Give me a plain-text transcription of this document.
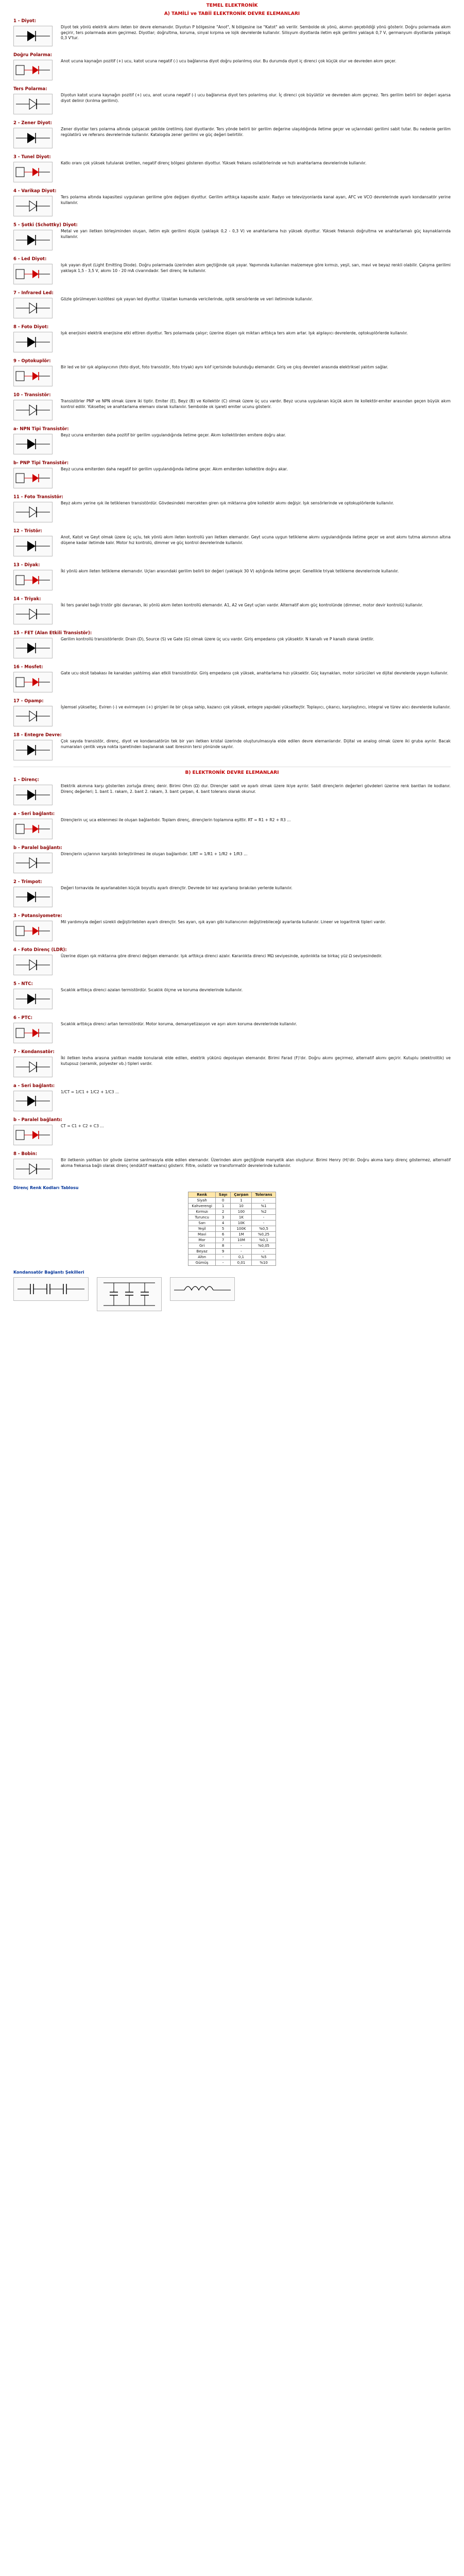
TEMEL ELEKTRONİK
A) TAMİLİ ve TABİİ ELEKTRONİK DEVRE ELEMANLARI
1 - Diyot:

Diyot tek yönlü elektrik akımı ileten bir devre elemanıdır. Diyotun P bölgesine "Anot", N bölgesine ise "Katot" adı verilir. Sembolde ok yönü, akımın geçebildiği yönü gösterir. Doğru polarmada akım geçirir, ters polarmada akım geçirmez. Diyotlar; doğrultma, koruma, sinyal kırpma ve lojik devrelerde kullanılır. Silisyum diyotlarda iletim eşik gerilimi yaklaşık 0,7 V, germanyum diyotlarda yaklaşık 0,3 V'tur.

Doğru Polarma:

Anot ucuna kaynağın pozitif (+) ucu, katot ucuna negatif (-) ucu bağlanırsa diyot doğru polarılmış olur. Bu durumda diyot iç direnci çok küçük olur ve devreden akım geçer.

Ters Polarma:

Diyotun katot ucuna kaynağın pozitif (+) ucu, anot ucuna negatif (-) ucu bağlanırsa diyot ters polarılmış olur. İç direnci çok büyüktür ve devreden akım geçmez. Ters gerilim belirli bir değeri aşarsa diyot delinir (kırılma gerilimi).

2 - Zener Diyot:

Zener diyotlar ters polarma altında çalışacak şekilde üretilmiş özel diyotlardır. Ters yönde belirli bir gerilim değerine ulaşıldığında iletime geçer ve uçlarındaki gerilimi sabit tutar. Bu nedenle gerilim regülatörü ve referans devrelerinde kullanılır. Katalogda zener gerilimi ve güç değeri belirtilir.

3 - Tunel Diyot:

Katkı oranı çok yüksek tutularak üretilen, negatif direnç bölgesi gösteren diyottur. Yüksek frekans osilatörlerinde ve hızlı anahtarlama devrelerinde kullanılır.

4 - Varikap Diyot:

Ters polarma altında kapasitesi uygulanan gerilime göre değişen diyottur. Gerilim arttıkça kapasite azalır. Radyo ve televizyonlarda kanal ayarı, AFC ve VCO devrelerinde ayarlı kondansatör yerine kullanılır.

5 - Şotki (Schottky) Diyot:

Metal ve yarı iletken birleşiminden oluşan, iletim eşik gerilimi düşük (yaklaşık 0,2 - 0,3 V) ve anahtarlama hızı yüksek diyottur. Yüksek frekanslı doğrultma ve anahtarlamalı güç kaynaklarında kullanılır.

6 - Led Diyot:

Işık yayan diyot (Light Emitting Diode). Doğru polarmada üzerinden akım geçtiğinde ışık yayar. Yapımında kullanılan malzemeye göre kırmızı, yeşil, sarı, mavi ve beyaz renkli olabilir. Çalışma gerilimi yaklaşık 1,5 - 3,5 V, akımı 10 - 20 mA civarındadır. Seri direnç ile kullanılır.

7 - Infrared Led:

Gözle görülmeyen kızılötesi ışık yayan led diyottur. Uzaktan kumanda vericilerinde, optik sensörlerde ve veri iletiminde kullanılır.

8 - Foto Diyot:

Işık enerjisini elektrik enerjisine etki ettiren diyottur. Ters polarmada çalışır; üzerine düşen ışık miktarı arttıkça ters akım artar. Işık algılayıcı devrelerde, optokuplörlerde kullanılır.

9 - Optokuplör:

Bir led ve bir ışık algılayıcının (foto diyot, foto transistör, foto triyak) aynı kılıf içerisinde bulunduğu elemandır. Giriş ve çıkış devreleri arasında elektriksel yalıtım sağlar.

10 - Transistör:

Transistörler PNP ve NPN olmak üzere iki tiptir. Emiter (E), Beyz (B) ve Kollektör (C) olmak üzere üç ucu vardır. Beyz ucuna uygulanan küçük akım ile kollektör-emiter arasından geçen büyük akım kontrol edilir. Yükselteç ve anahtarlama elemanı olarak kullanılır. Sembolde ok işareti emiter ucunu gösterir.

a- NPN Tipi Transistör:

Beyz ucuna emiterden daha pozitif bir gerilim uygulandığında iletime geçer. Akım kollektörden emitere doğru akar.

b- PNP Tipi Transistör:

Beyz ucuna emiterden daha negatif bir gerilim uygulandığında iletime geçer. Akım emiterden kollektöre doğru akar.

11 - Foto Transistör:

Beyz akımı yerine ışık ile tetiklenen transistördür. Gövdesindeki mercekten giren ışık miktarına göre kollektör akımı değişir. Işık sensörlerinde ve optokuplörlerde kullanılır.

12 - Tristör:

Anot, Katot ve Geyt olmak üzere üç uçlu, tek yönlü akım ileten kontrollü yarı iletken elemandır. Geyt ucuna uygun tetikleme akımı uygulandığında iletime geçer ve anot akımı tutma akımının altına düşene kadar iletimde kalır. Motor hız kontrolü, dimmer ve güç kontrol devrelerinde kullanılır.

13 - Diyak:

İki yönlü akım ileten tetikleme elemanıdır. Uçları arasındaki gerilim belirli bir değeri (yaklaşık 30 V) aştığında iletime geçer. Genellikle triyak tetikleme devrelerinde kullanılır.

14 - Triyak:

İki ters paralel bağlı tristör gibi davranan, iki yönlü akım ileten kontrollü elemandır. A1, A2 ve Geyt uçları vardır. Alternatif akım güç kontrolünde (dimmer, motor devir kontrolü) kullanılır.

15 - FET (Alan Etkili Transistör):

Gerilim kontrollü transistörlerdir. Drain (D), Source (S) ve Gate (G) olmak üzere üç ucu vardır. Giriş empedansı çok yüksektir. N kanallı ve P kanallı olarak üretilir.

16 - Mosfet:

Gate ucu oksit tabakası ile kanaldan yalıtılmış alan etkili transistördür. Giriş empedansı çok yüksek, anahtarlama hızı yüksektir. Güç kaynakları, motor sürücüleri ve dijital devrelerde yaygın kullanılır.

17 - Opamp:

İşlemsel yükselteç. Eviren (-) ve evirmeyen (+) girişleri ile bir çıkışa sahip, kazancı çok yüksek, entegre yapıdaki yükselteçtir. Toplayıcı, çıkarıcı, karşılaştırıcı, integral ve türev alıcı devrelerde kullanılır.

18 - Entegre Devre:

Çok sayıda transistör, direnç, diyot ve kondansatörün tek bir yarı iletken kristal üzerinde oluşturulmasıyla elde edilen devre elemanlarıdır. Dijital ve analog olmak üzere iki gruba ayrılır. Bacak numaraları çentik veya nokta işaretinden başlanarak saat ibresinin tersi yönünde sayılır.

B) ELEKTRONİK DEVRE ELEMANLARI
1 - Direnç:

Elektrik akımına karşı gösterilen zorluğa direnç denir. Birimi Ohm (Ω) dur. Dirençler sabit ve ayarlı olmak üzere ikiye ayrılır. Sabit dirençlerin değerleri gövdeleri üzerine renk bantları ile kodlanır. Direnç değerleri; 1. bant 1. rakam, 2. bant 2. rakam, 3. bant çarpan, 4. bant tolerans olarak okunur.

a - Seri bağlantı:

Dirençlerin uç uca eklenmesi ile oluşan bağlantıdır. Toplam direnç, dirençlerin toplamına eşittir. RT = R1 + R2 + R3 ...

b - Paralel bağlantı:

Dirençlerin uçlarının karşılıklı birleştirilmesi ile oluşan bağlantıdır. 1/RT = 1/R1 + 1/R2 + 1/R3 ...

2 - Trimpot:

Değeri tornavida ile ayarlanabilen küçük boyutlu ayarlı dirençtir. Devrede bir kez ayarlanıp bırakılan yerlerde kullanılır.

3 - Potansiyometre:

Mil yardımıyla değeri sürekli değiştirilebilen ayarlı dirençtir. Ses ayarı, ışık ayarı gibi kullanıcının değiştirebileceği ayarlarda kullanılır. Lineer ve logaritmik tipleri vardır.

4 - Foto Direnç (LDR):

Üzerine düşen ışık miktarına göre direnci değişen elemandır. Işık arttıkça direnci azalır. Karanlıkta direnci MΩ seviyesinde, aydınlıkta ise birkaç yüz Ω seviyesindedir.

5 - NTC:

Sıcaklık arttıkça direnci azalan termistördür. Sıcaklık ölçme ve koruma devrelerinde kullanılır.

6 - PTC:

Sıcaklık arttıkça direnci artan termistördür. Motor koruma, demanyetizasyon ve aşırı akım koruma devrelerinde kullanılır.

7 - Kondansatör:

İki iletken levha arasına yalıtkan madde konularak elde edilen, elektrik yükünü depolayan elemandır. Birimi Farad (F)'dır. Doğru akımı geçirmez, alternatif akımı geçirir. Kutuplu (elektrolitik) ve kutupsuz (seramik, polyester vb.) tipleri vardır.

a - Seri bağlantı:

1/CT = 1/C1 + 1/C2 + 1/C3 ...

b - Paralel bağlantı:

CT = C1 + C2 + C3 ...

8 - Bobin:

Bir iletkenin yalıtkan bir gövde üzerine sarılmasıyla elde edilen elemandır. Üzerinden akım geçtiğinde manyetik alan oluşturur. Birimi Henry (H)'dir. Doğru akıma karşı direnç göstermez, alternatif akıma frekansa bağlı olarak direnç (endüktif reaktans) gösterir. Filtre, osilatör ve transformatör devrelerinde kullanılır.

Direnç Renk Kodları Tablosu
Renk	Sayı	Çarpan	Tolerans
Siyah	0	1	-
Kahverengi	1	10	%1
Kırmızı	2	100	%2
Turuncu	3	1K	-
Sarı	4	10K	-
Yeşil	5	100K	%0,5
Mavi	6	1M	%0,25
Mor	7	10M	%0,1
Gri	8	-	%0,05
Beyaz	9	-	-
Altın	-	0,1	%5
Gümüş	-	0,01	%10
Kondansatör Bağlantı Şekilleri
